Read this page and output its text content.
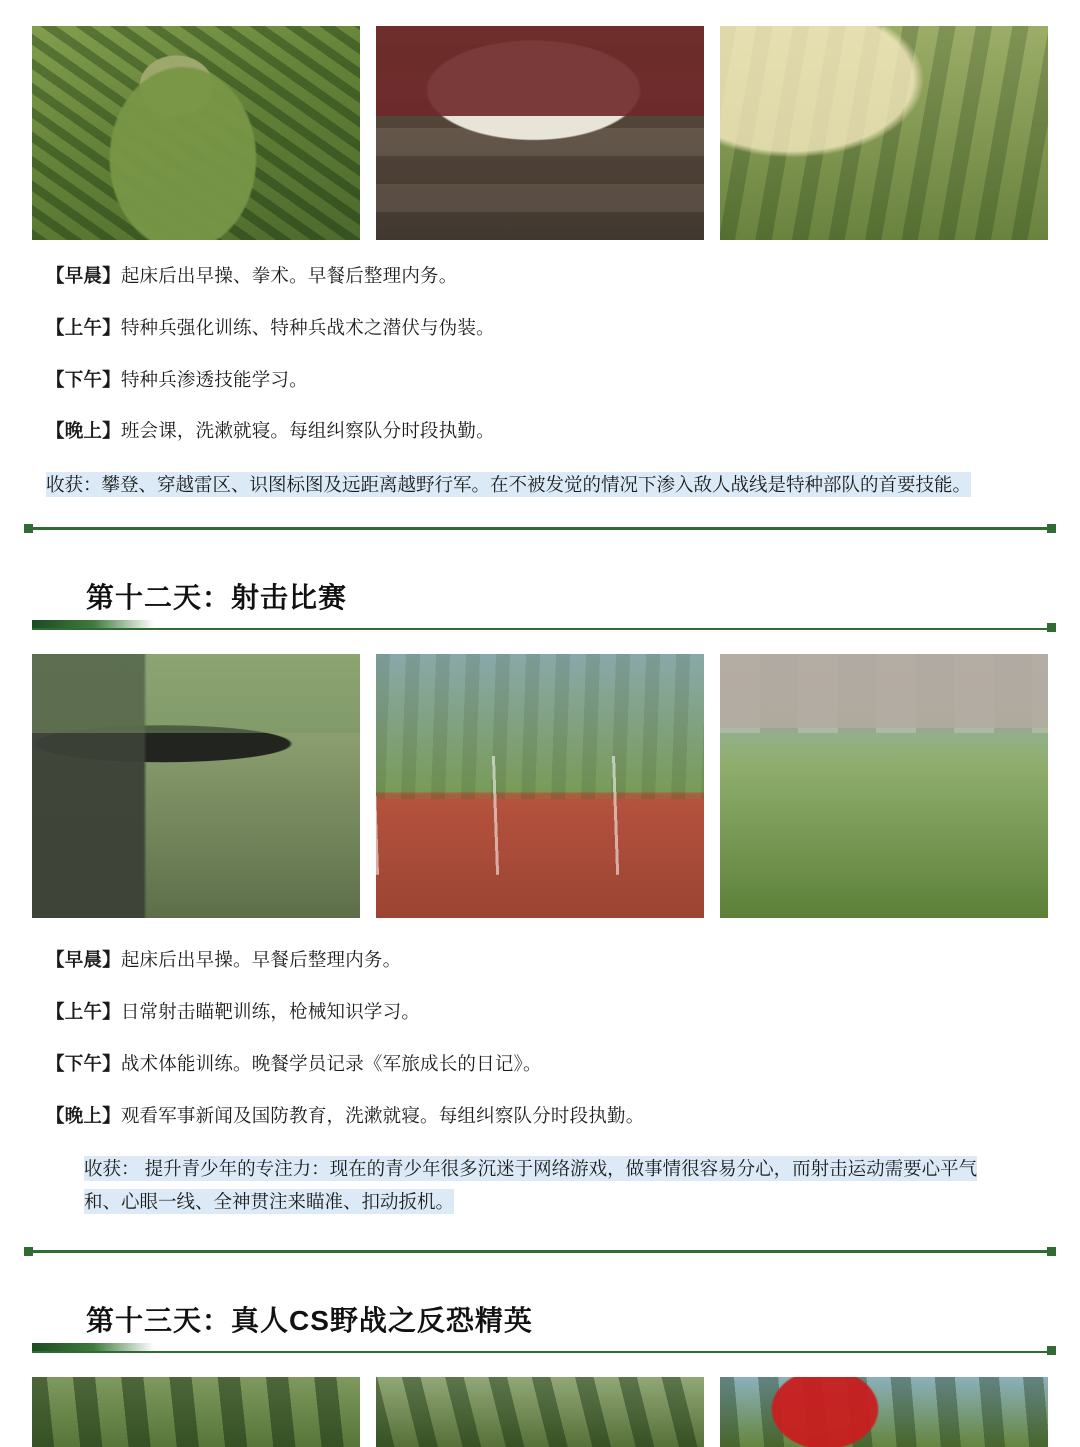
【早晨】起床后出早操、拳术。早餐后整理内务。

【上午】特种兵强化训练、特种兵战术之潜伏与伪装。

【下午】特种兵渗透技能学习。

【晚上】班会课，洗漱就寝。每组纠察队分时段执勤。

收获：攀登、穿越雷区、识图标图及远距离越野行军。在不被发觉的情况下渗入敌人战线是特种部队的首要技能。
第十二天：射击比赛

【早晨】起床后出早操。早餐后整理内务。

【上午】日常射击瞄靶训练，枪械知识学习。

【下午】战术体能训练。晚餐学员记录《军旅成长的日记》。

【晚上】观看军事新闻及国防教育，洗漱就寝。每组纠察队分时段执勤。

收获： 提升青少年的专注力：现在的青少年很多沉迷于网络游戏，做事情很容易分心，而射击运动需要心平气和、心眼一线、全神贯注来瞄准、扣动扳机。
第十三天：真人CS野战之反恐精英
